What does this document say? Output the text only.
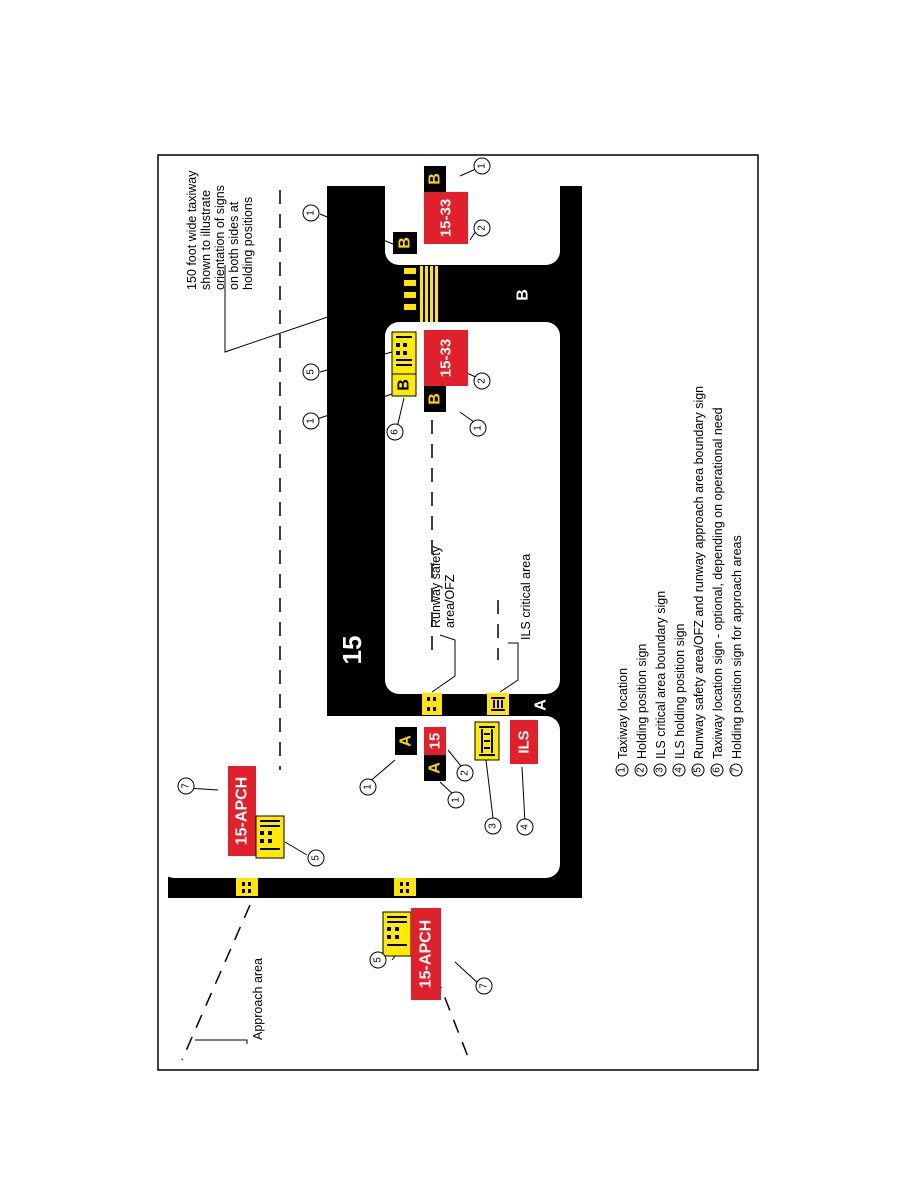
15
B
A
150 foot wide taxiway shown to illustrate orientation of signs on both sides at holding positions
Runway safety area/OFZ	ILS critical area
Approach area
B
15-33
B
B
15-33
B
A 15
A
ILS
15-APCH
15-APCH
1
1
2
5
1
6
2
1
1
2
1
3 4
7
5
5
7
1
Taxiway location
2
Holding position sign
3
ILS critical area boundary sign
4
ILS holding position sign
5
Runway safety area/OFZ and runway approach area boundary sign
6
Taxiway location sign - optional, depending on operational need
7
Holding position sign for approach areas
